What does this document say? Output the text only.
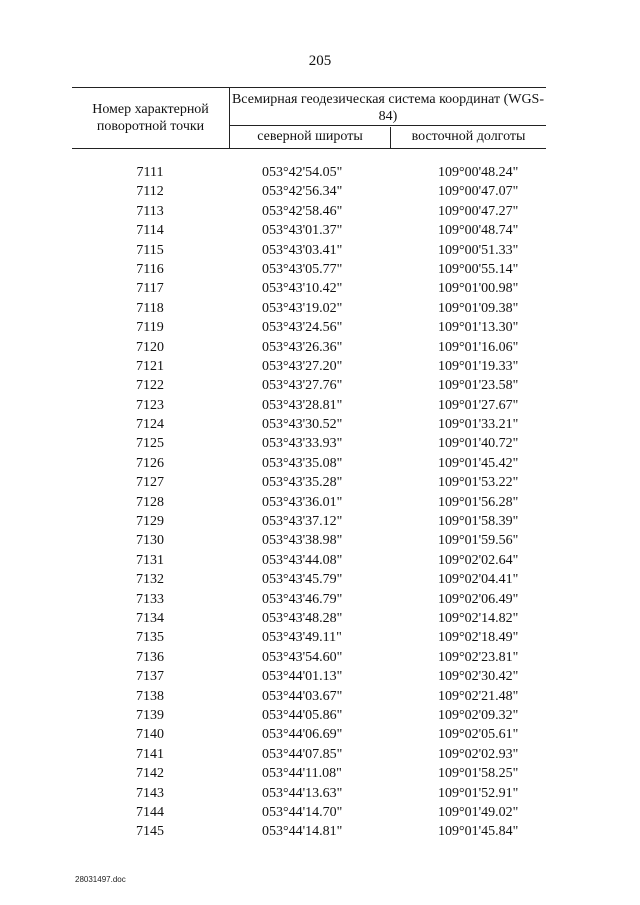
205
Номер характерной поворотной точки
Всемирная геодезическая система координат (WGS-84)
северной широты	восточной долготы
7111	053°42'54.05"	109°00'48.24"
7112	053°42'56.34"	109°00'47.07"
7113	053°42'58.46"	109°00'47.27"
7114	053°43'01.37"	109°00'48.74"
7115	053°43'03.41"	109°00'51.33"
7116	053°43'05.77"	109°00'55.14"
7117	053°43'10.42"	109°01'00.98"
7118	053°43'19.02"	109°01'09.38"
7119	053°43'24.56"	109°01'13.30"
7120	053°43'26.36"	109°01'16.06"
7121	053°43'27.20"	109°01'19.33"
7122	053°43'27.76"	109°01'23.58"
7123	053°43'28.81"	109°01'27.67"
7124	053°43'30.52"	109°01'33.21"
7125	053°43'33.93"	109°01'40.72"
7126	053°43'35.08"	109°01'45.42"
7127	053°43'35.28"	109°01'53.22"
7128	053°43'36.01"	109°01'56.28"
7129	053°43'37.12"	109°01'58.39"
7130	053°43'38.98"	109°01'59.56"
7131	053°43'44.08"	109°02'02.64"
7132	053°43'45.79"	109°02'04.41"
7133	053°43'46.79"	109°02'06.49"
7134	053°43'48.28"	109°02'14.82"
7135	053°43'49.11"	109°02'18.49"
7136	053°43'54.60"	109°02'23.81"
7137	053°44'01.13"	109°02'30.42"
7138	053°44'03.67"	109°02'21.48"
7139	053°44'05.86"	109°02'09.32"
7140	053°44'06.69"	109°02'05.61"
7141	053°44'07.85"	109°02'02.93"
7142	053°44'11.08"	109°01'58.25"
7143	053°44'13.63"	109°01'52.91"
7144	053°44'14.70"	109°01'49.02"
7145	053°44'14.81"	109°01'45.84"
28031497.doc
